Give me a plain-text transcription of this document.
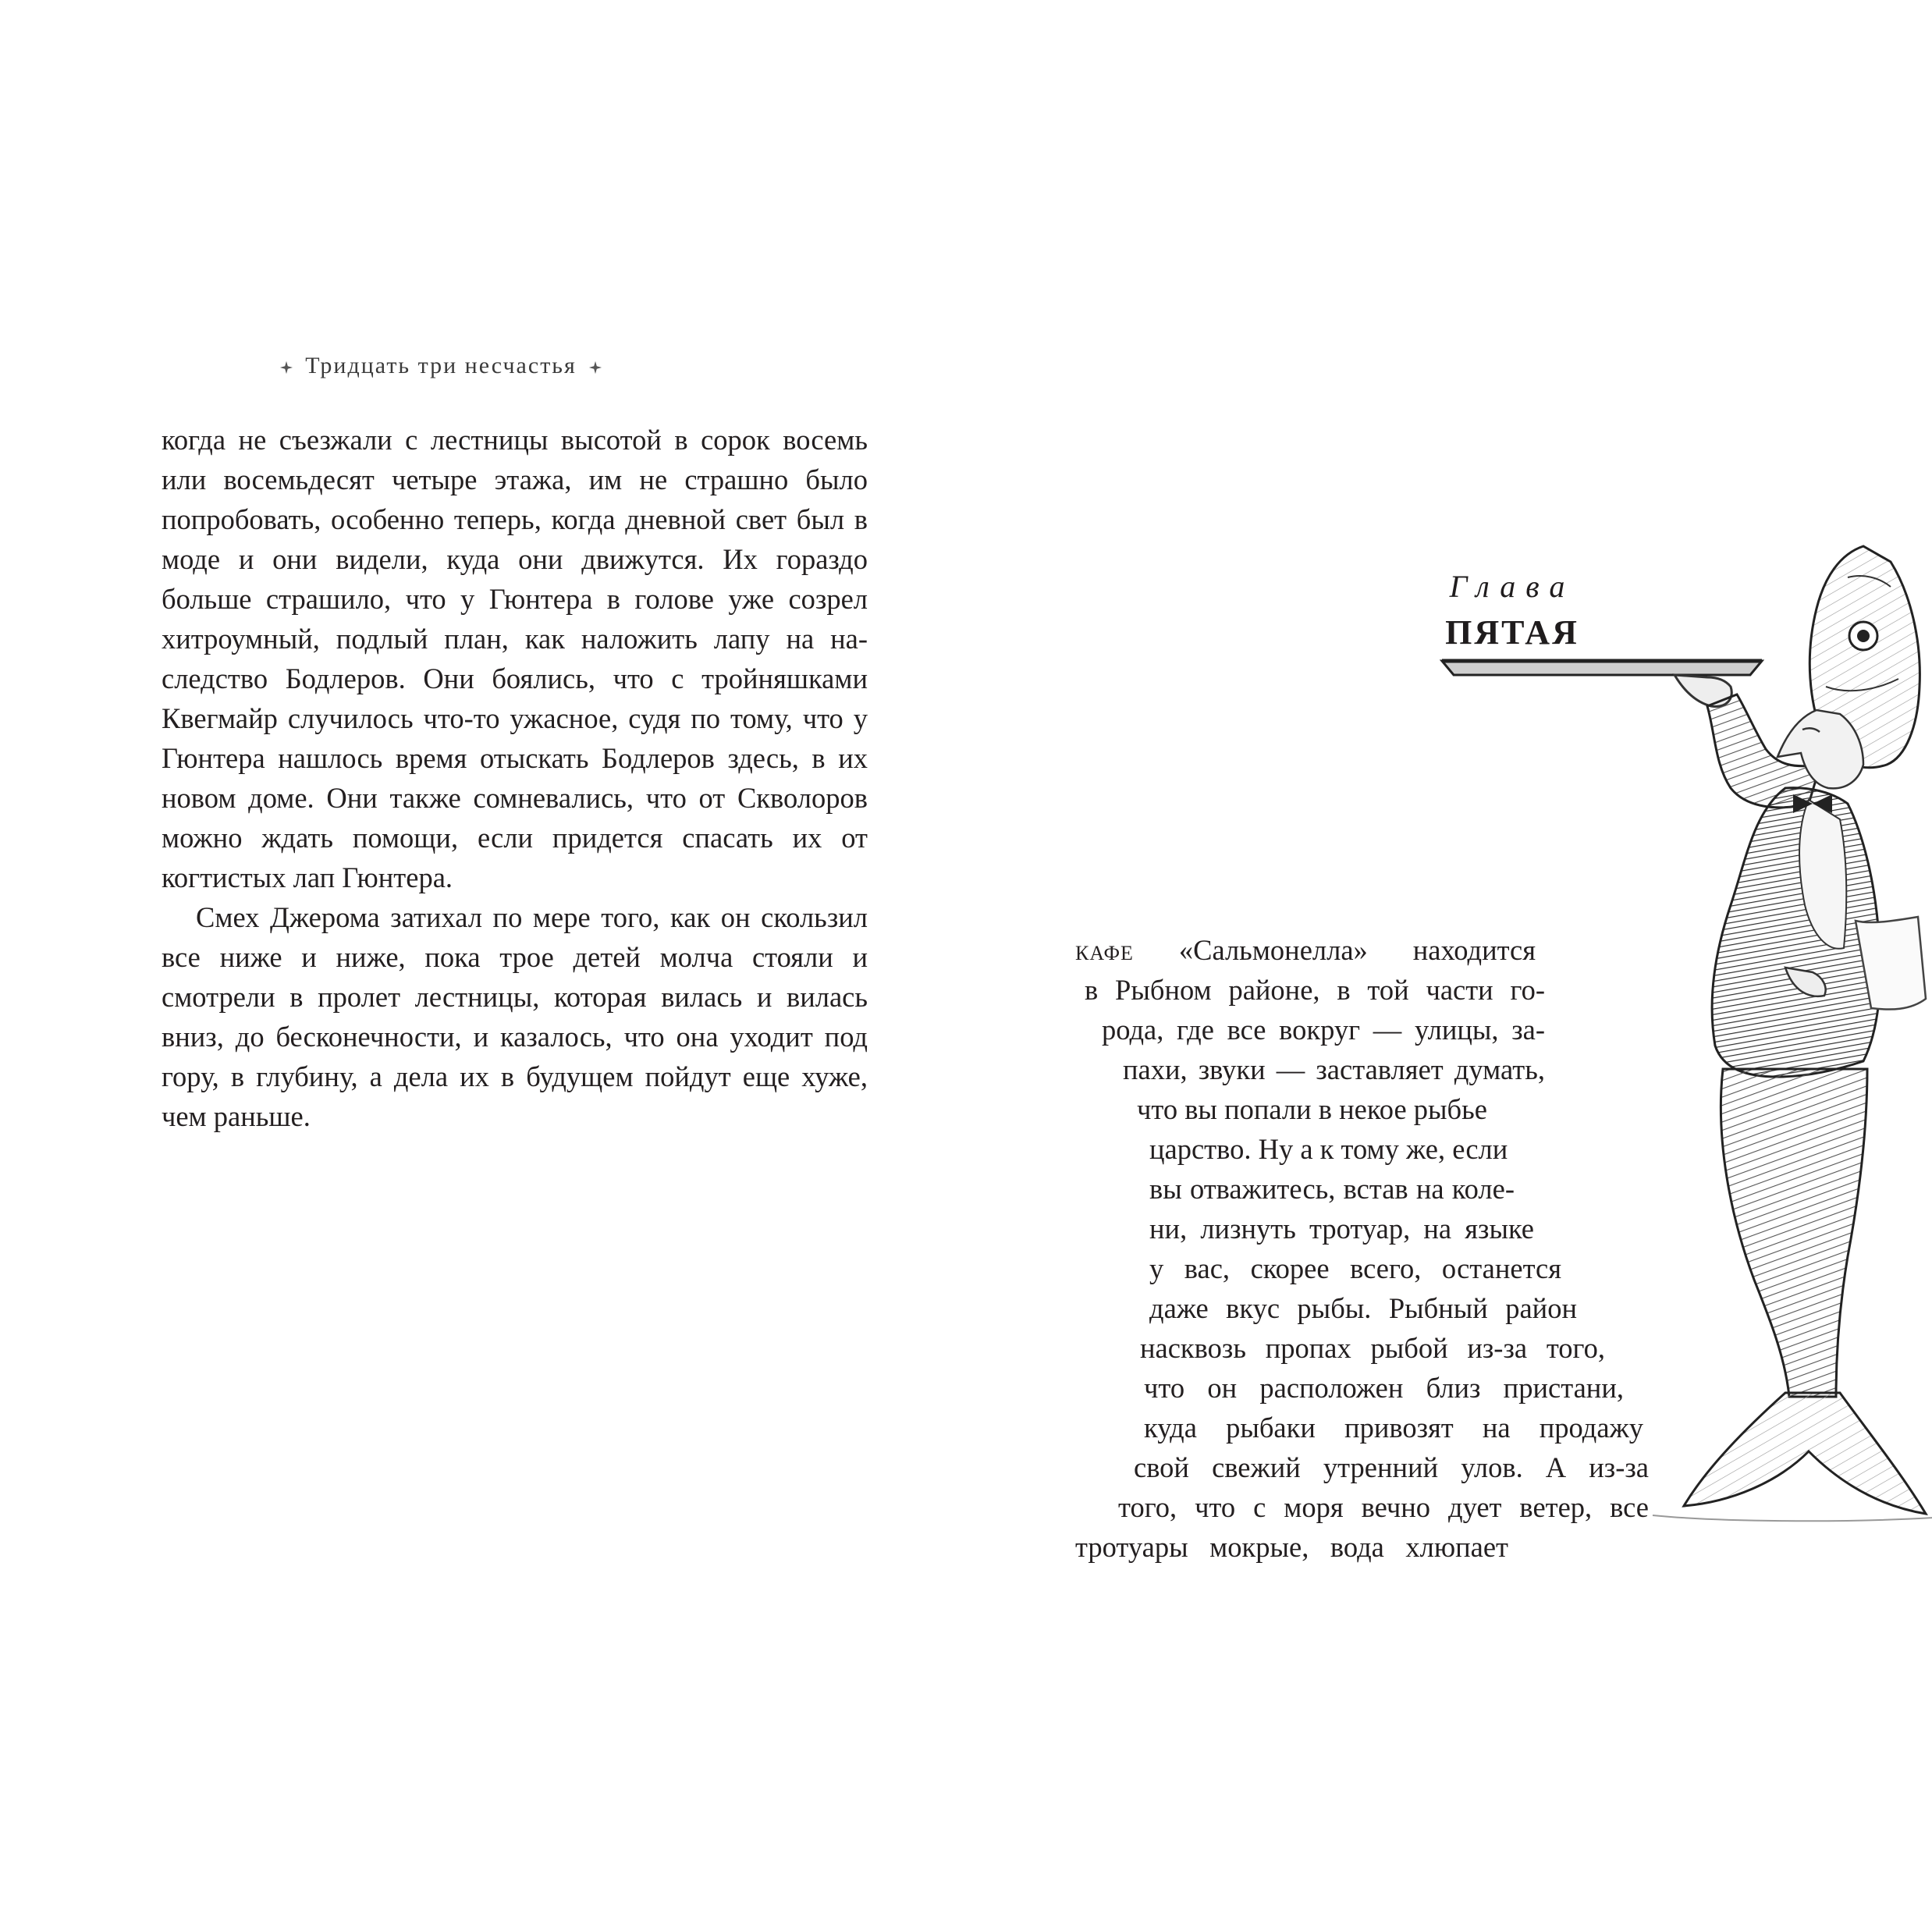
Тридцать три несчастья

когда не съезжали с лестницы высотой в сорок восемь или восемьдесят четыре этажа, им не страшно было попробовать, особенно теперь, когда дневной свет был в моде и они видели, куда они движутся. Их гораздо больше страшило, что у Гюнтера в голове уже созрел хитроумный, подлый план, как наложить лапу на наследство Бодлеров. Они боялись, что с тройняшками Квегмайр случилось что-то ужасное, судя по тому, что у Гюнтера нашлось время отыскать Бодлеров здесь, в их новом доме. Они также сомневались, что от Скволоров можно ждать помощи, если придется спасать их от когтистых лап Гюнтера.

Смех Джерома затихал по мере того, как он скользил все ниже и ниже, пока трое детей молча стояли и смотрели в пролет лестницы, которая вилась и вилась вниз, до бесконечности, и казалось, что она уходит под гору, в глубину, а дела их в будущем пойдут еще хуже, чем раньше.

Глава
ПЯТАЯ
кафе «Сальмонелла» находится
в Рыбном районе, в той части го-
рода, где все вокруг — улицы, за-
пахи, звуки — заставляет думать,
что вы попали в некое рыбье
царство. Ну а к тому же, если
вы отважитесь, встав на коле-
ни, лизнуть тротуар, на языке
у вас, скорее всего, останется
даже вкус рыбы. Рыбный район
насквозь пропах рыбой из-за того,
что он расположен близ пристани,
куда рыбаки привозят на продажу
свой свежий утренний улов. А из-за
того, что с моря вечно дует ветер, все
тротуары мокрые, вода хлюпает
